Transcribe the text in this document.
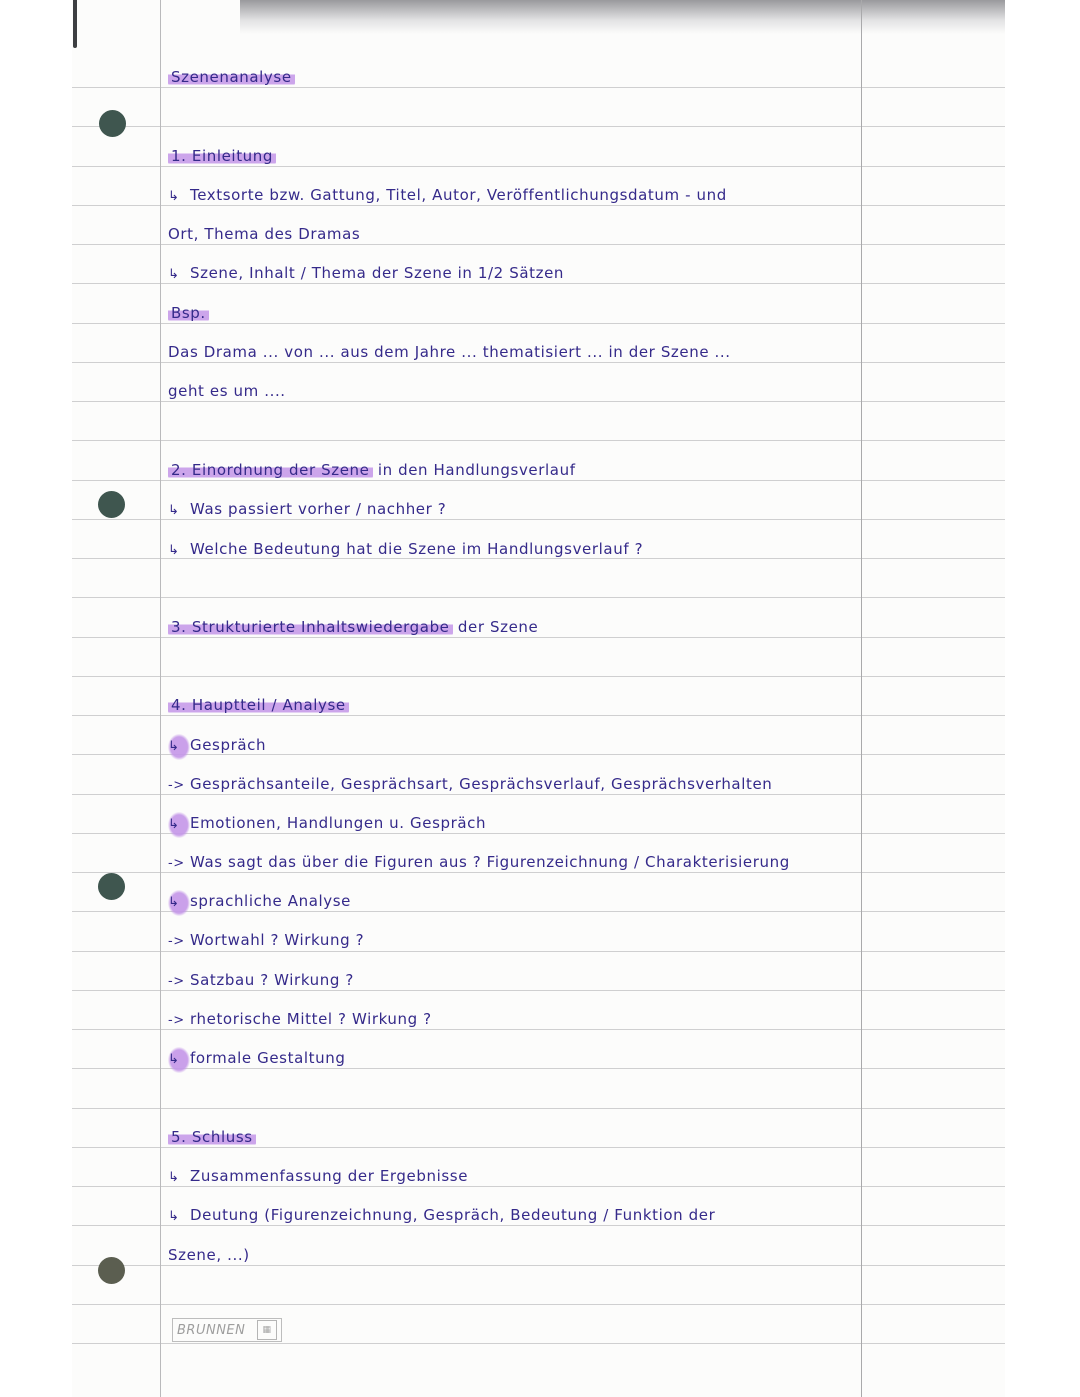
Szenenanalyse
1. Einleitung
↳ Textsorte bzw. Gattung, Titel, Autor, Veröffentlichungsdatum - und
Ort, Thema des Dramas
↳ Szene, Inhalt / Thema der Szene in 1/2 Sätzen
Bsp.
Das Drama ... von ... aus dem Jahre ... thematisiert ... in der Szene ...
geht es um ....
2. Einordnung der Szene in den Handlungsverlauf
↳ Was passiert vorher / nachher ?
↳ Welche Bedeutung hat die Szene im Handlungsverlauf ?
3. Strukturierte Inhaltswiedergabe der Szene
4. Hauptteil / Analyse
↳ Gespräch
-> Gesprächsanteile, Gesprächsart, Gesprächsverlauf, Gesprächsverhalten
↳ Emotionen, Handlungen u. Gespräch
-> Was sagt das über die Figuren aus ? Figurenzeichnung / Charakterisierung
↳ sprachliche Analyse
-> Wortwahl ? Wirkung ?
-> Satzbau ? Wirkung ?
-> rhetorische Mittel ? Wirkung ?
↳ formale Gestaltung
5. Schluss
↳ Zusammenfassung der Ergebnisse
↳ Deutung (Figurenzeichnung, Gespräch, Bedeutung / Funktion der
Szene, ...)
BRUNNEN	▦
